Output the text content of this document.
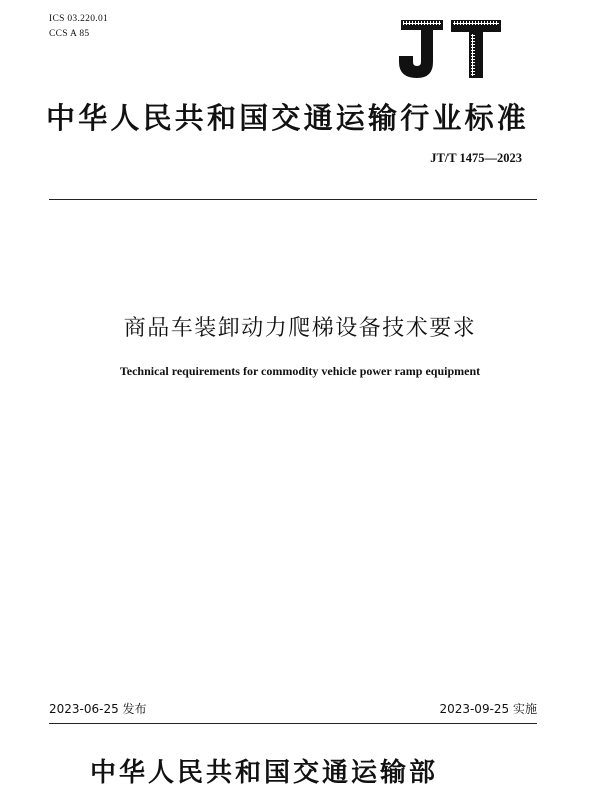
ICS 03.220.01
CCS A 85
中华人民共和国交通运输行业标准
JT/T 1475—2023
商品车装卸动力爬梯设备技术要求
Technical requirements for commodity vehicle power ramp equipment
2023-06-25 发布	2023-09-25 实施
中华人民共和国交通运输部
